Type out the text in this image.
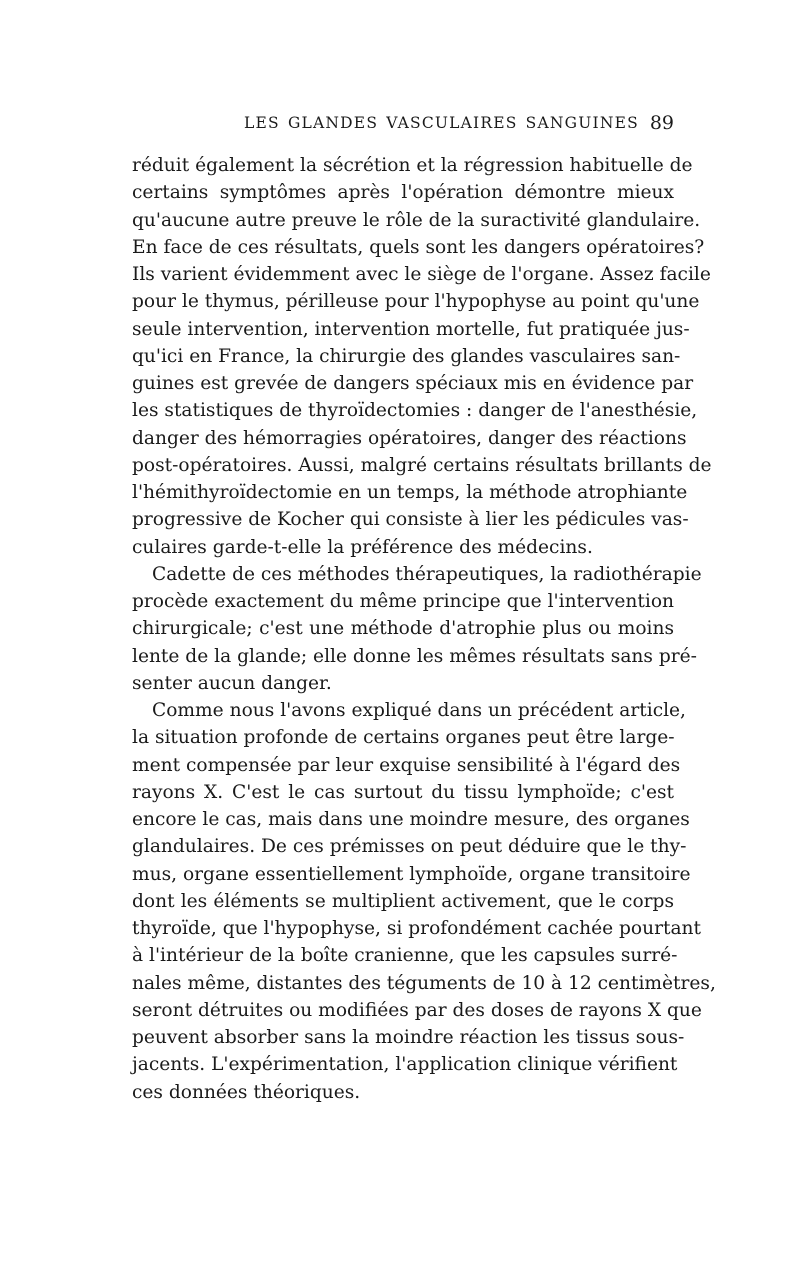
LES GLANDES VASCULAIRES SANGUINES 89
réduit également la sécrétion et la régression habituelle de
certains symptômes après l'opération démontre mieux
qu'aucune autre preuve le rôle de la suractivité glandulaire.
En face de ces résultats, quels sont les dangers opératoires?
Ils varient évidemment avec le siège de l'organe. Assez facile
pour le thymus, périlleuse pour l'hypophyse au point qu'une
seule intervention, intervention mortelle, fut pratiquée jus-
qu'ici en France, la chirurgie des glandes vasculaires san-
guines est grevée de dangers spéciaux mis en évidence par
les statistiques de thyroïdectomies : danger de l'anesthésie,
danger des hémorragies opératoires, danger des réactions
post-opératoires. Aussi, malgré certains résultats brillants de
l'hémithyroïdectomie en un temps, la méthode atrophiante
progressive de Kocher qui consiste à lier les pédicules vas-
culaires garde-t-elle la préférence des médecins.
Cadette de ces méthodes thérapeutiques, la radiothérapie
procède exactement du même principe que l'intervention
chirurgicale; c'est une méthode d'atrophie plus ou moins
lente de la glande; elle donne les mêmes résultats sans pré-
senter aucun danger.
Comme nous l'avons expliqué dans un précédent article,
la situation profonde de certains organes peut être large-
ment compensée par leur exquise sensibilité à l'égard des
rayons X. C'est le cas surtout du tissu lymphoïde; c'est
encore le cas, mais dans une moindre mesure, des organes
glandulaires. De ces prémisses on peut déduire que le thy-
mus, organe essentiellement lymphoïde, organe transitoire
dont les éléments se multiplient activement, que le corps
thyroïde, que l'hypophyse, si profondément cachée pourtant
à l'intérieur de la boîte cranienne, que les capsules surré-
nales même, distantes des téguments de 10 à 12 centimètres,
seront détruites ou modifiées par des doses de rayons X que
peuvent absorber sans la moindre réaction les tissus sous-
jacents. L'expérimentation, l'application clinique vérifient
ces données théoriques.
